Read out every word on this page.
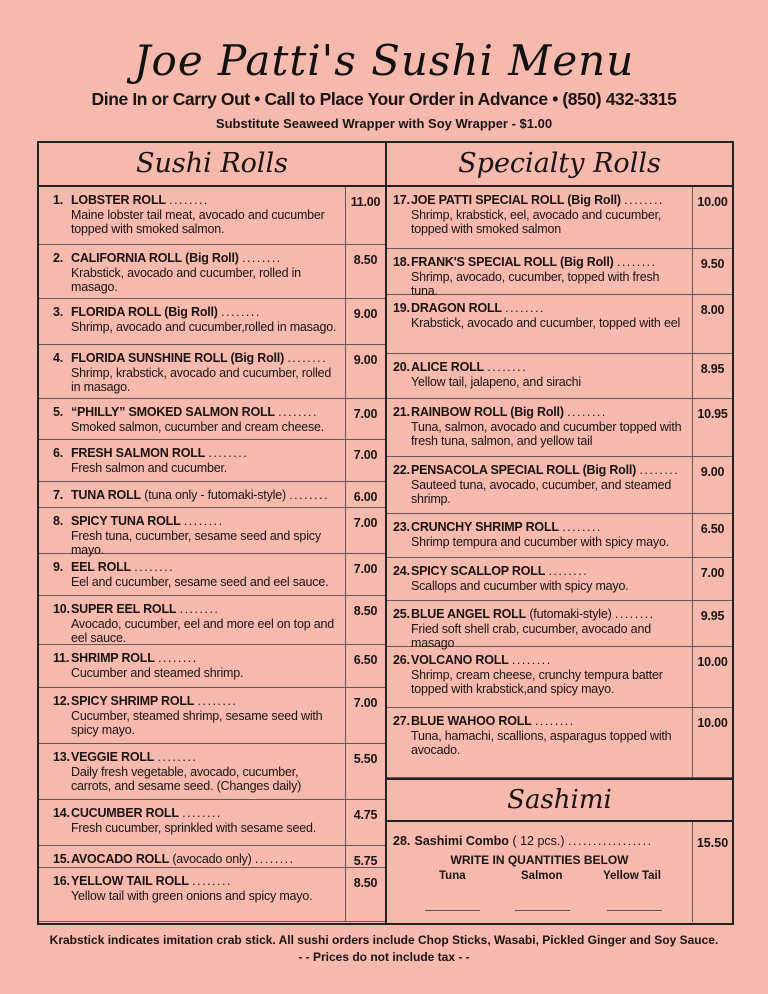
Joe Patti's Sushi Menu
Dine In or Carry Out • Call to Place Your Order in Advance • (850) 432-3315
Substitute Seaweed Wrapper with Soy Wrapper - $1.00
Sushi Rolls
1. LOBSTER ROLL ........
Maine lobster tail meat, avocado and cucumber topped with smoked salmon.
11.00
2. CALIFORNIA ROLL (Big Roll) ........
Krabstick, avocado and cucumber, rolled in masago.
8.50
3. FLORIDA ROLL (Big Roll) ........
Shrimp, avocado and cucumber,rolled in masago.
9.00
4. FLORIDA SUNSHINE ROLL (Big Roll) ........
Shrimp, krabstick, avocado and cucumber, rolled in masago.
9.00
5. “PHILLY” SMOKED SALMON ROLL ........
Smoked salmon, cucumber and cream cheese.
7.00
6. FRESH SALMON ROLL ........
Fresh salmon and cucumber.
7.00
7. TUNA ROLL (tuna only - futomaki-style) ........	6.00
8. SPICY TUNA ROLL ........
Fresh tuna, cucumber, sesame seed and spicy mayo.
7.00
9. EEL ROLL ........
Eel and cucumber, sesame seed and eel sauce.
7.00
10.SUPER EEL ROLL ........
Avocado, cucumber, eel and more eel on top and eel sauce.
8.50
11. SHRIMP ROLL ........
Cucumber and steamed shrimp.
6.50
12.SPICY SHRIMP ROLL ........
Cucumber, steamed shrimp, sesame seed with spicy mayo.
7.00
13.VEGGIE ROLL ........
Daily fresh vegetable, avocado, cucumber, carrots, and sesame seed. (Changes daily)
5.50
14.CUCUMBER ROLL ........
Fresh cucumber, sprinkled with sesame seed.
4.75
15.AVOCADO ROLL (avocado only) ........	5.75
16.YELLOW TAIL ROLL ........
Yellow tail with green onions and spicy mayo.
8.50
Specialty Rolls
17.JOE PATTI SPECIAL ROLL (Big Roll) ........
Shrimp, krabstick, eel, avocado and cucumber, topped with smoked salmon
10.00
18.FRANK'S SPECIAL ROLL (Big Roll) ........
Shrimp, avocado, cucumber, topped with fresh tuna.
9.50
19.DRAGON ROLL ........
Krabstick, avocado and cucumber, topped with eel
8.00
20.ALICE ROLL ........
Yellow tail, jalapeno, and sirachi
8.95
21.RAINBOW ROLL (Big Roll) ........
Tuna, salmon, avocado and cucumber topped with fresh tuna, salmon, and yellow tail
10.95
22.PENSACOLA SPECIAL ROLL (Big Roll) ........
Sauteed tuna, avocado, cucumber, and steamed shrimp.
9.00
23.CRUNCHY SHRIMP ROLL ........
Shrimp tempura and cucumber with spicy mayo.
6.50
24.SPICY SCALLOP ROLL ........
Scallops and cucumber with spicy mayo.
7.00
25.BLUE ANGEL ROLL (futomaki-style) ........
Fried soft shell crab, cucumber, avocado and masago
9.95
26.VOLCANO ROLL ........
Shrimp, cream cheese, crunchy tempura batter topped with krabstick,and spicy mayo.
10.00
27.BLUE WAHOO ROLL ........
Tuna, hamachi, scallions, asparagus topped with avocado.
10.00
Sashimi
28. Sashimi Combo ( 12 pcs.) .................	15.50
WRITE IN QUANTITIES BELOW
Tuna	Salmon	Yellow Tail
Krabstick indicates imitation crab stick. All sushi orders include Chop Sticks, Wasabi, Pickled Ginger and Soy Sauce.
- - Prices do not include tax - -
